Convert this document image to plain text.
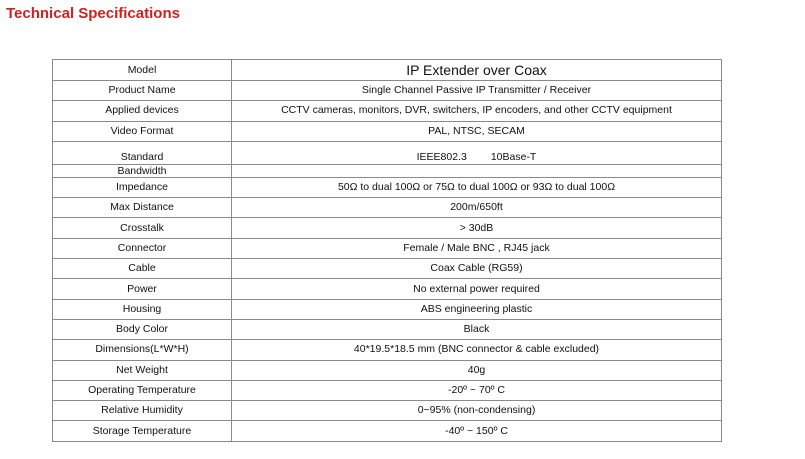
Technical Specifications
Model	IP Extender over Coax
Product Name	Single Channel Passive IP Transmitter / Receiver
Applied devices	CCTV cameras, monitors, DVR, switchers, IP encoders, and other CCTV equipment
Video Format	PAL, NTSC, SECAM
Standard	IEEE802.3 10Base-T
Bandwidth	
Impedance	50Ω to dual 100Ω or 75Ω to dual 100Ω or 93Ω to dual 100Ω
Max Distance	200m/650ft
Crosstalk	> 30dB
Connector	Female / Male BNC , RJ45 jack
Cable	Coax Cable (RG59)
Power	No external power required
Housing	ABS engineering plastic
Body Color	Black
Dimensions(L*W*H)	40*19.5*18.5 mm (BNC connector & cable excluded)
Net Weight	40g
Operating Temperature	-20º ~ 70º C
Relative Humidity	0~95% (non-condensing)
Storage Temperature	-40º ~ 150º C
